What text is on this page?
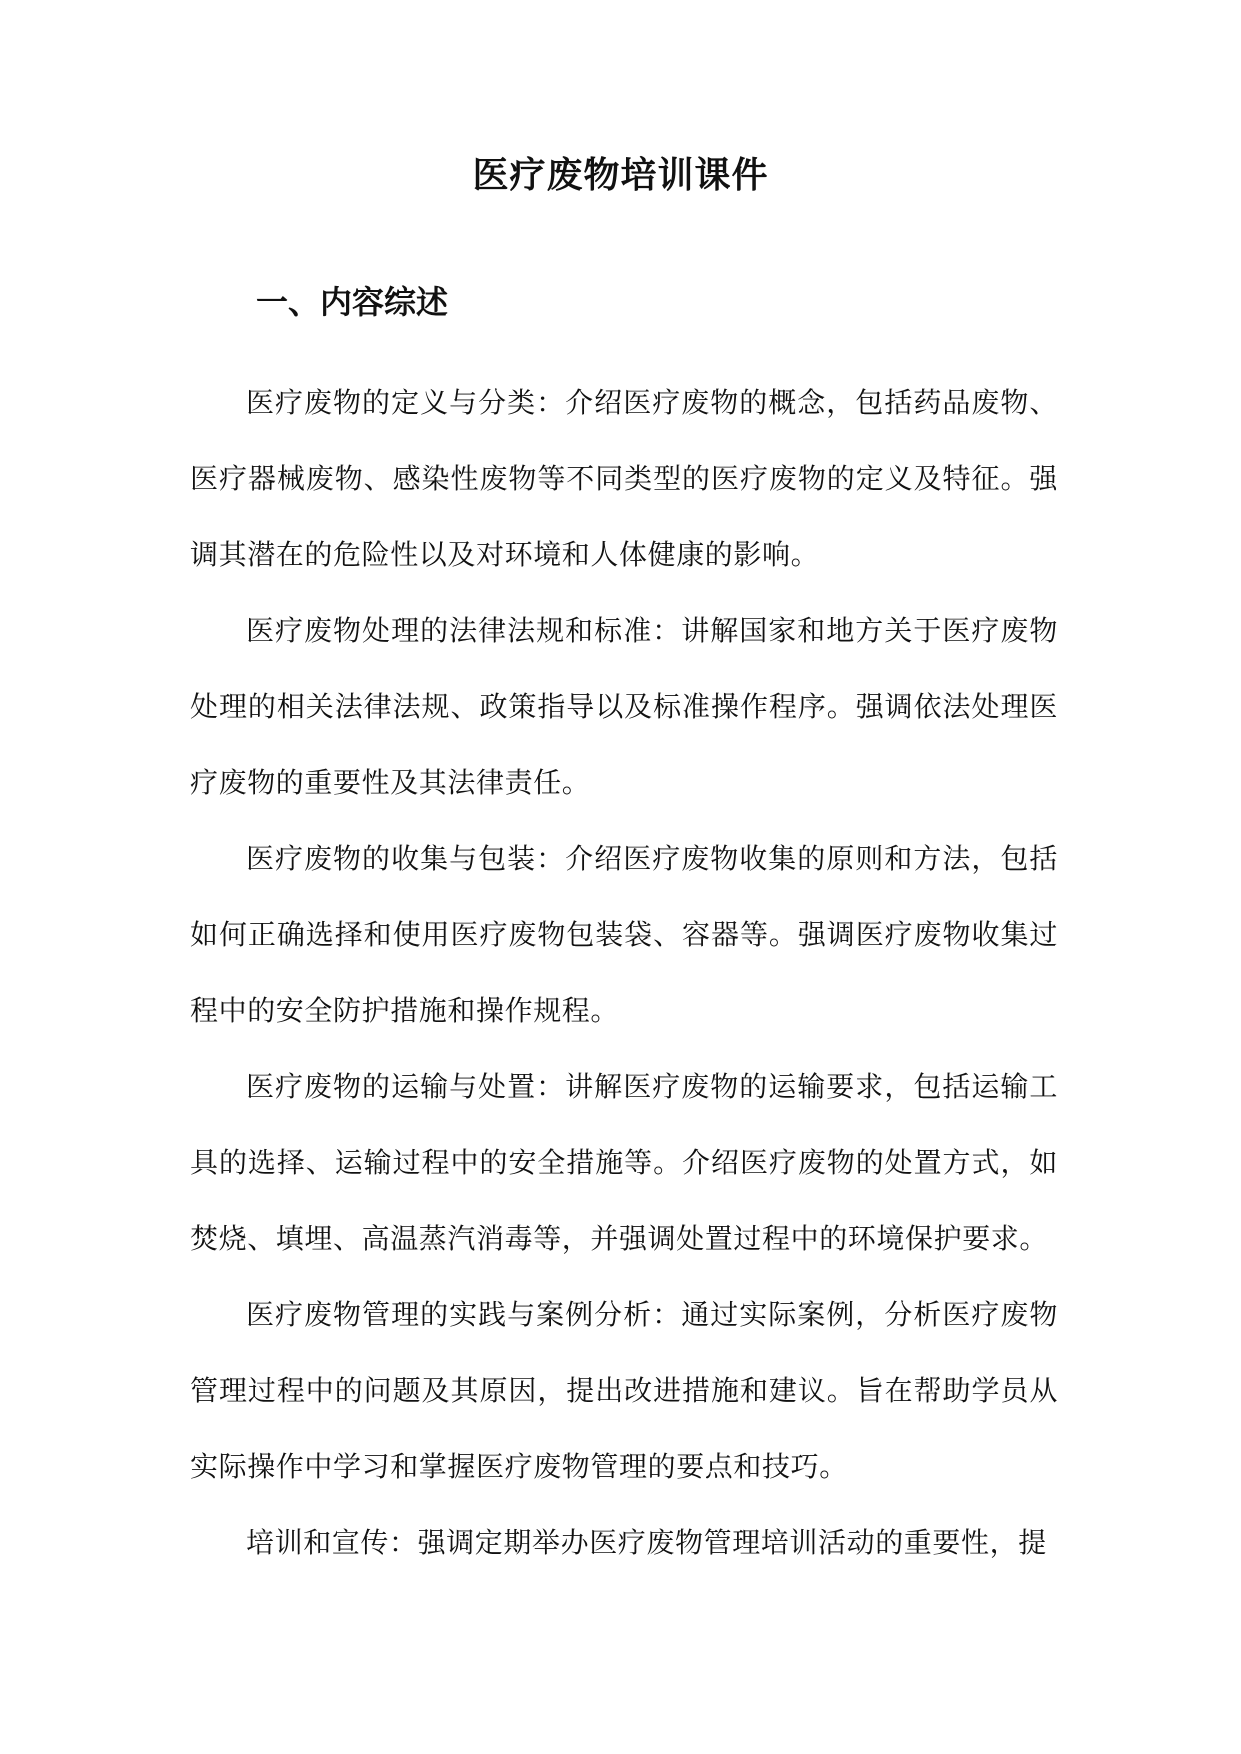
医疗废物培训课件
一、内容综述

医疗废物的定义与分类：介绍医疗废物的概念，包括药品废物、医疗器械废物、感染性废物等不同类型的医疗废物的定义及特征。强调其潜在的危险性以及对环境和人体健康的影响。

医疗废物处理的法律法规和标准：讲解国家和地方关于医疗废物处理的相关法律法规、政策指导以及标准操作程序。强调依法处理医疗废物的重要性及其法律责任。

医疗废物的收集与包装：介绍医疗废物收集的原则和方法，包括如何正确选择和使用医疗废物包装袋、容器等。强调医疗废物收集过程中的安全防护措施和操作规程。

医疗废物的运输与处置：讲解医疗废物的运输要求，包括运输工具的选择、运输过程中的安全措施等。介绍医疗废物的处置方式，如焚烧、填埋、高温蒸汽消毒等，并强调处置过程中的环境保护要求。

医疗废物管理的实践与案例分析：通过实际案例，分析医疗废物管理过程中的问题及其原因，提出改进措施和建议。旨在帮助学员从实际操作中学习和掌握医疗废物管理的要点和技巧。

培训和宣传：强调定期举办医疗废物管理培训活动的重要性，提
